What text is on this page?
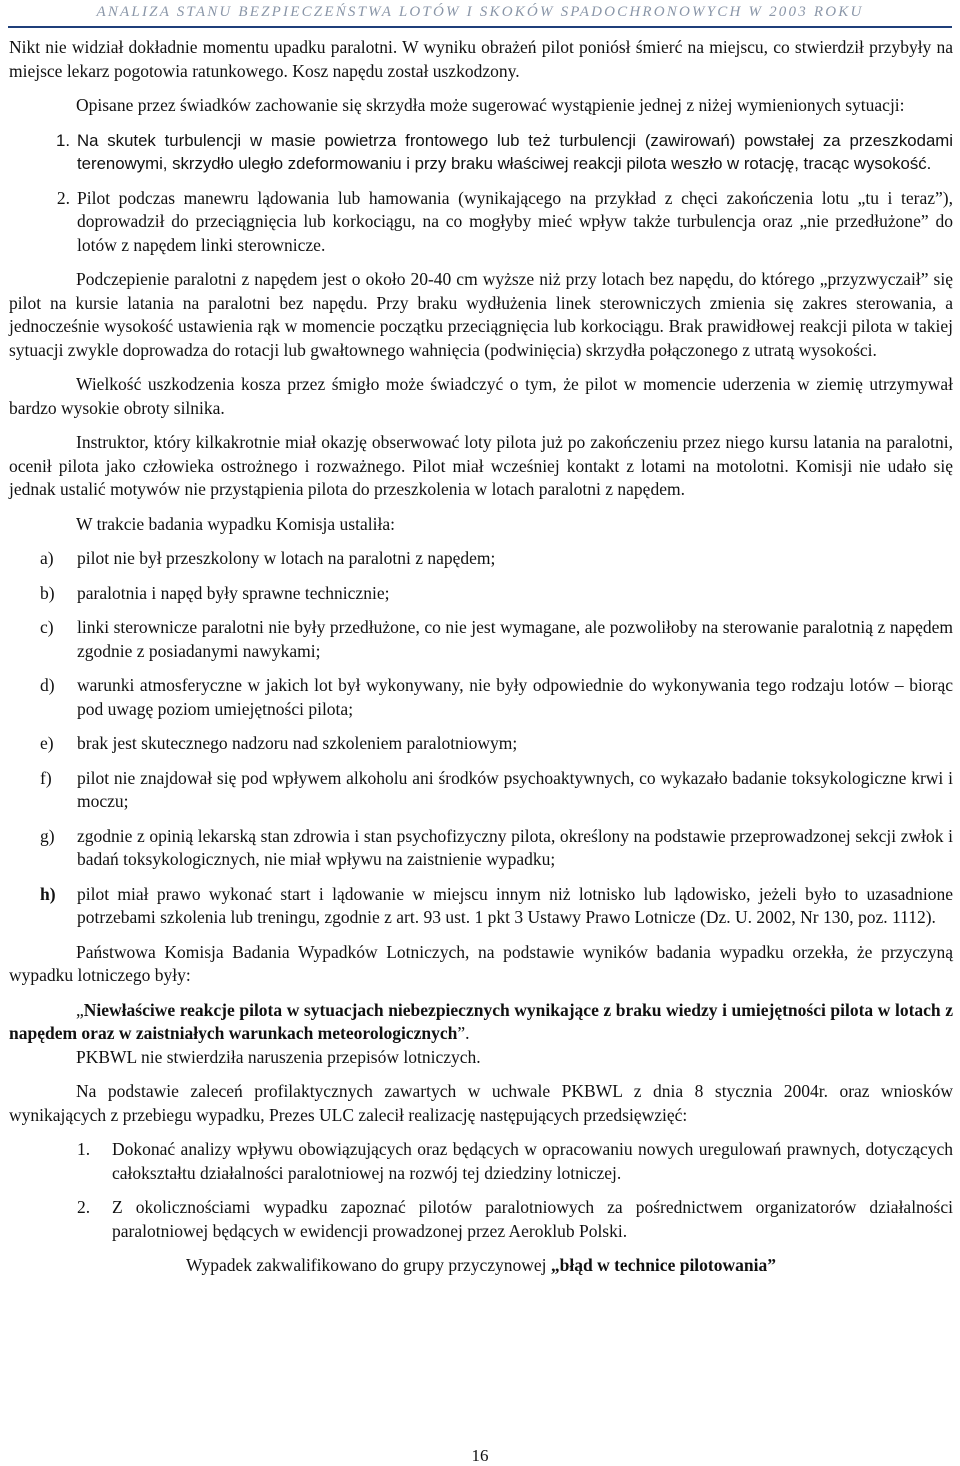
ANALIZA STANU BEZPIECZEŃSTWA LOTÓW I SKOKÓW SPADOCHRONOWYCH W 2003 ROKU

Nikt nie widział dokładnie momentu upadku paralotni. W wyniku obrażeń pilot poniósł śmierć na miejscu, co stwierdził przybyły na miejsce lekarz pogotowia ratunkowego. Kosz napędu został uszkodzony.

Opisane przez świadków zachowanie się skrzydła może sugerować wystąpienie jednej z niżej wymienionych sytuacji:

1. Na skutek turbulencji w masie powietrza frontowego lub też turbulencji (zawirowań) powstałej za przeszkodami terenowymi, skrzydło uległo zdeformowaniu i przy braku właściwej reakcji pilota weszło w rotację, tracąc wysokość.
2. Pilot podczas manewru lądowania lub hamowania (wynikającego na przykład z chęci zakończenia lotu „tu i teraz”), doprowadził do przeciągnięcia lub korkociągu, na co mogłyby mieć wpływ także turbulencja oraz „nie przedłużone” do lotów z napędem linki sterownicze.

Podczepienie paralotni z napędem jest o około 20-40 cm wyższe niż przy lotach bez napędu, do którego „przyzwyczaił” się pilot na kursie latania na paralotni bez napędu. Przy braku wydłużenia linek sterowniczych zmienia się zakres sterowania, a jednocześnie wysokość ustawienia rąk w momencie początku przeciągnięcia lub korkociągu. Brak prawidłowej reakcji pilota w takiej sytuacji zwykle doprowadza do rotacji lub gwałtownego wahnięcia (podwinięcia) skrzydła połączonego z utratą wysokości.

Wielkość uszkodzenia kosza przez śmigło może świadczyć o tym, że pilot w momencie uderzenia w ziemię utrzymywał bardzo wysokie obroty silnika.

Instruktor, który kilkakrotnie miał okazję obserwować loty pilota już po zakończeniu przez niego kursu latania na paralotni, ocenił pilota jako człowieka ostrożnego i rozważnego. Pilot miał wcześniej kontakt z lotami na motolotni. Komisji nie udało się jednak ustalić motywów nie przystąpienia pilota do przeszkolenia w lotach paralotni z napędem.

W trakcie badania wypadku Komisja ustaliła:

a)	pilot nie był przeszkolony w lotach na paralotni z napędem;
b)	paralotnia i napęd były sprawne technicznie;
c)	linki sterownicze paralotni nie były przedłużone, co nie jest wymagane, ale pozwoliłoby na sterowanie paralotnią z napędem zgodnie z posiadanymi nawykami;
d)	warunki atmosferyczne w jakich lot był wykonywany, nie były odpowiednie do wykonywania tego rodzaju lotów – biorąc pod uwagę poziom umiejętności pilota;
e)	brak jest skutecznego nadzoru nad szkoleniem paralotniowym;
f)	pilot nie znajdował się pod wpływem alkoholu ani środków psychoaktywnych, co wykazało badanie toksykologiczne krwi i moczu;
g)	zgodnie z opinią lekarską stan zdrowia i stan psychofizyczny pilota, określony na podstawie przeprowadzonej sekcji zwłok i badań toksykologicznych, nie miał wpływu na zaistnienie wypadku;
h)	pilot miał prawo wykonać start i lądowanie w miejscu innym niż lotnisko lub lądowisko, jeżeli było to uzasadnione potrzebami szkolenia lub treningu, zgodnie z art. 93 ust. 1 pkt 3 Ustawy Prawo Lotnicze (Dz. U. 2002, Nr 130, poz. 1112).

Państwowa Komisja Badania Wypadków Lotniczych, na podstawie wyników badania wypadku orzekła, że przyczyną wypadku lotniczego były:

„Niewłaściwe reakcje pilota w sytuacjach niebezpiecznych wynikające z braku wiedzy i umiejętności pilota w lotach z napędem oraz w zaistniałych warunkach meteorologicznych”.

PKBWL nie stwierdziła naruszenia przepisów lotniczych.

Na podstawie zaleceń profilaktycznych zawartych w uchwale PKBWL z dnia 8 stycznia 2004r. oraz wniosków wynikających z przebiegu wypadku, Prezes ULC zalecił realizację następujących przedsięwzięć:

1.	Dokonać analizy wpływu obowiązujących oraz będących w opracowaniu nowych uregulowań prawnych, dotyczących całokształtu działalności paralotniowej na rozwój tej dziedziny lotniczej.
2.	Z okolicznościami wypadku zapoznać pilotów paralotniowych za pośrednictwem organizatorów działalności paralotniowej będących w ewidencji prowadzonej przez Aeroklub Polski.

Wypadek zakwalifikowano do grupy przyczynowej „błąd w technice pilotowania”

16
